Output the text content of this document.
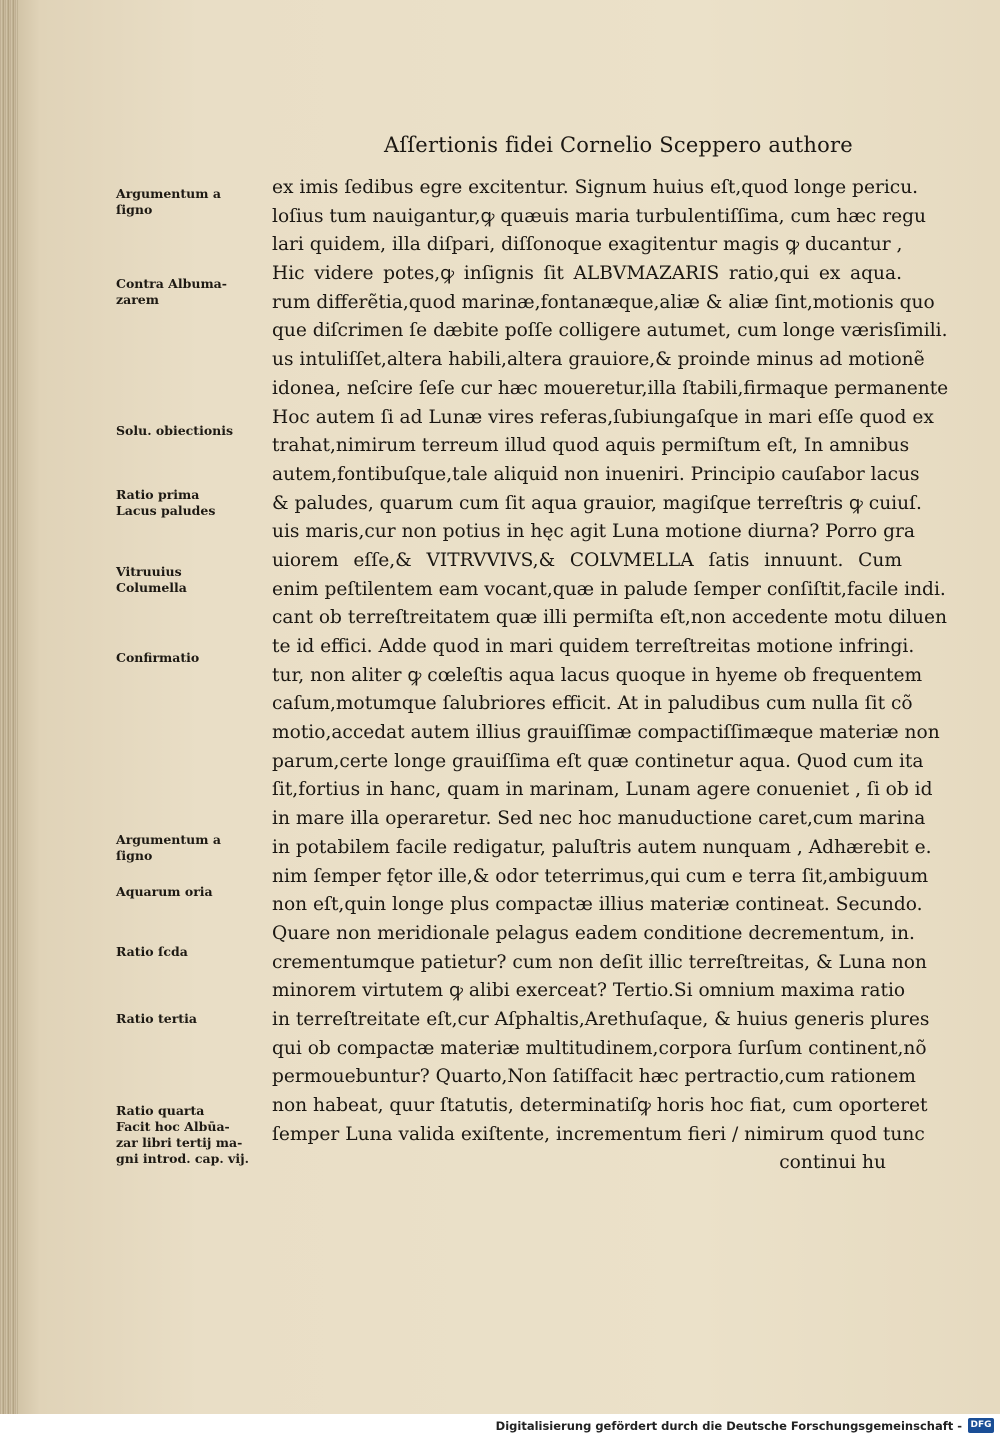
Aſſertionis fidei Cornelio Sceppero authore
Argumentum a
ſigno
Contra Albuma-
zarem
Solu. obiectionis
Ratio prima
Lacus paludes
Vitruuius
Columella
Confirmatio
Argumentum a
ſigno
Aquarum oria
Ratio ſcda
Ratio tertia
Ratio quarta
Facit hoc Albūa-
zar libri tertij ma-
gni introd. cap. vij.
ex imis ſedibus egre excitentur. Signum huius eſt,quod longe pericu.
loſius tum nauigantur,ꝙ quæuis maria turbulentiſſima, cum hæc regu
lari quidem, illa diſpari, diſſonoque exagitentur magis ꝙ ducantur ,
Hic videre potes,ꝙ inſignis ſit ALBVMAZARIS ratio,qui ex aqua.
rum differẽtia,quod marinæ,fontanæque,aliæ & aliæ ſint,motionis quo
que diſcrimen ſe dæbite poſſe colligere autumet, cum longe værisſimili.
us intuliſſet,altera habili,altera grauiore,& proinde minus ad motionẽ
idonea, neſcire ſeſe cur hæc moueretur,illa ſtabili,firmaque permanente
Hoc autem ſi ad Lunæ vires referas,ſubiungaſque in mari eſſe quod ex
trahat,nimirum terreum illud quod aquis permiſtum eſt, In amnibus
autem,fontibuſque,tale aliquid non inueniri. Principio cauſabor lacus
& paludes, quarum cum ſit aqua grauior, magiſque terreſtris ꝙ cuiuſ.
uis maris,cur non potius in hęc agit Luna motione diurna? Porro gra
uiorem eſſe,& VITRVVIVS,& COLVMELLA ſatis innuunt. Cum
enim peſtilentem eam vocant,quæ in palude ſemper conſiſtit,facile indi.
cant ob terreſtreitatem quæ illi permiſta eſt,non accedente motu diluen
te id effici. Adde quod in mari quidem terreſtreitas motione infringi.
tur, non aliter ꝙ cœleſtis aqua lacus quoque in hyeme ob frequentem
caſum,motumque ſalubriores efficit. At in paludibus cum nulla ſit cõ
motio,accedat autem illius grauiſſimæ compactiſſimæque materiæ non
parum,certe longe grauiſſima eſt quæ continetur aqua. Quod cum ita
ſit,fortius in hanc, quam in marinam, Lunam agere conueniet , ſi ob id
in mare illa operaretur. Sed nec hoc manuductione caret,cum marina
in potabilem facile redigatur, paluſtris autem nunquam , Adhærebit e.
nim ſemper fętor ille,& odor teterrimus,qui cum e terra ſit,ambiguum
non eſt,quin longe plus compactæ illius materiæ contineat. Secundo.
Quare non meridionale pelagus eadem conditione decrementum, in.
crementumque patietur? cum non deſit illic terreſtreitas, & Luna non
minorem virtutem ꝙ alibi exerceat? Tertio.Si omnium maxima ratio
in terreſtreitate eſt,cur Aſphaltis,Arethuſaque, & huius generis plures
qui ob compactæ materiæ multitudinem,corpora ſurſum continent,nõ
permouebuntur? Quarto,Non ſatiſfacit hæc pertractio,cum rationem
non habeat, quur ſtatutis, determinatiſꝙ horis hoc fiat, cum oporteret
ſemper Luna valida exiſtente, incrementum fieri / nimirum quod tunc
continui hu
Digitalisierung gefördert durch die Deutsche Forschungsgemeinschaft - DFG
